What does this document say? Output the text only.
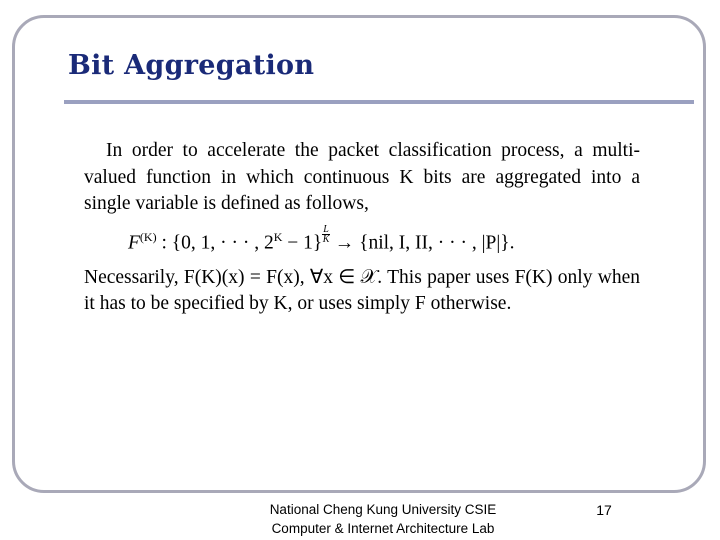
Bit Aggregation

In order to accelerate the packet classification process, a multi-valued function in which continuous K bits are aggregated into a single variable is defined as follows,

$F^{(K)}$ : {0, 1, · · · , $2^K - 1\} \frac{L}{K} \to \{nil$, I, II, · · · , |P|}.

Necessarily, F(K)(x) = F(x), ∀x ∈ 𝒳. This paper uses F(K) only when it has to be specified by K, or uses simply F otherwise.

National Cheng Kung University CSIE
Computer & Internet Architecture Lab
17
